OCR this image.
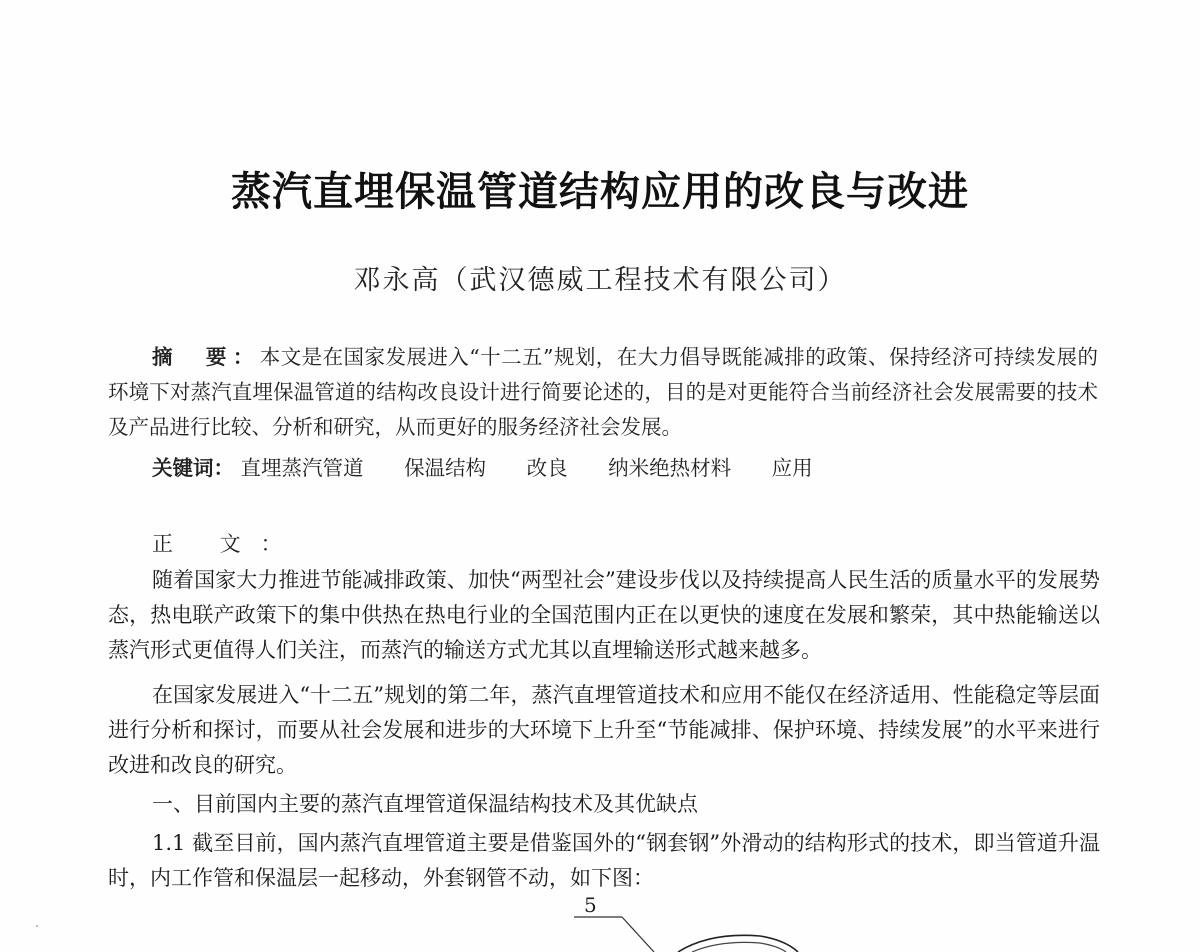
蒸汽直埋保温管道结构应用的改良与改进
邓永高（武汉德威工程技术有限公司）
摘　要：本文是在国家发展进入“十二五”规划，在大力倡导既能减排的政策、保持经济可持续发展的环境下对蒸汽直埋保温管道的结构改良设计进行简要论述的，目的是对更能符合当前经济社会发展需要的技术及产品进行比较、分析和研究，从而更好的服务经济社会发展。
关键词： 直埋蒸汽管道 保温结构 改良 纳米绝热材料 应用
正 文：
随着国家大力推进节能减排政策、加快“两型社会”建设步伐以及持续提高人民生活的质量水平的发展势态，热电联产政策下的集中供热在热电行业的全国范围内正在以更快的速度在发展和繁荣，其中热能输送以蒸汽形式更值得人们关注，而蒸汽的输送方式尤其以直埋输送形式越来越多。
在国家发展进入“十二五”规划的第二年，蒸汽直埋管道技术和应用不能仅在经济适用、性能稳定等层面进行分析和探讨，而要从社会发展和进步的大环境下上升至“节能减排、保护环境、持续发展”的水平来进行改进和改良的研究。
一、目前国内主要的蒸汽直埋管道保温结构技术及其优缺点
1.1 截至目前，国内蒸汽直埋管道主要是借鉴国外的“钢套钢”外滑动的结构形式的技术，即当管道升温时，内工作管和保温层一起移动，外套钢管不动，如下图：
5
